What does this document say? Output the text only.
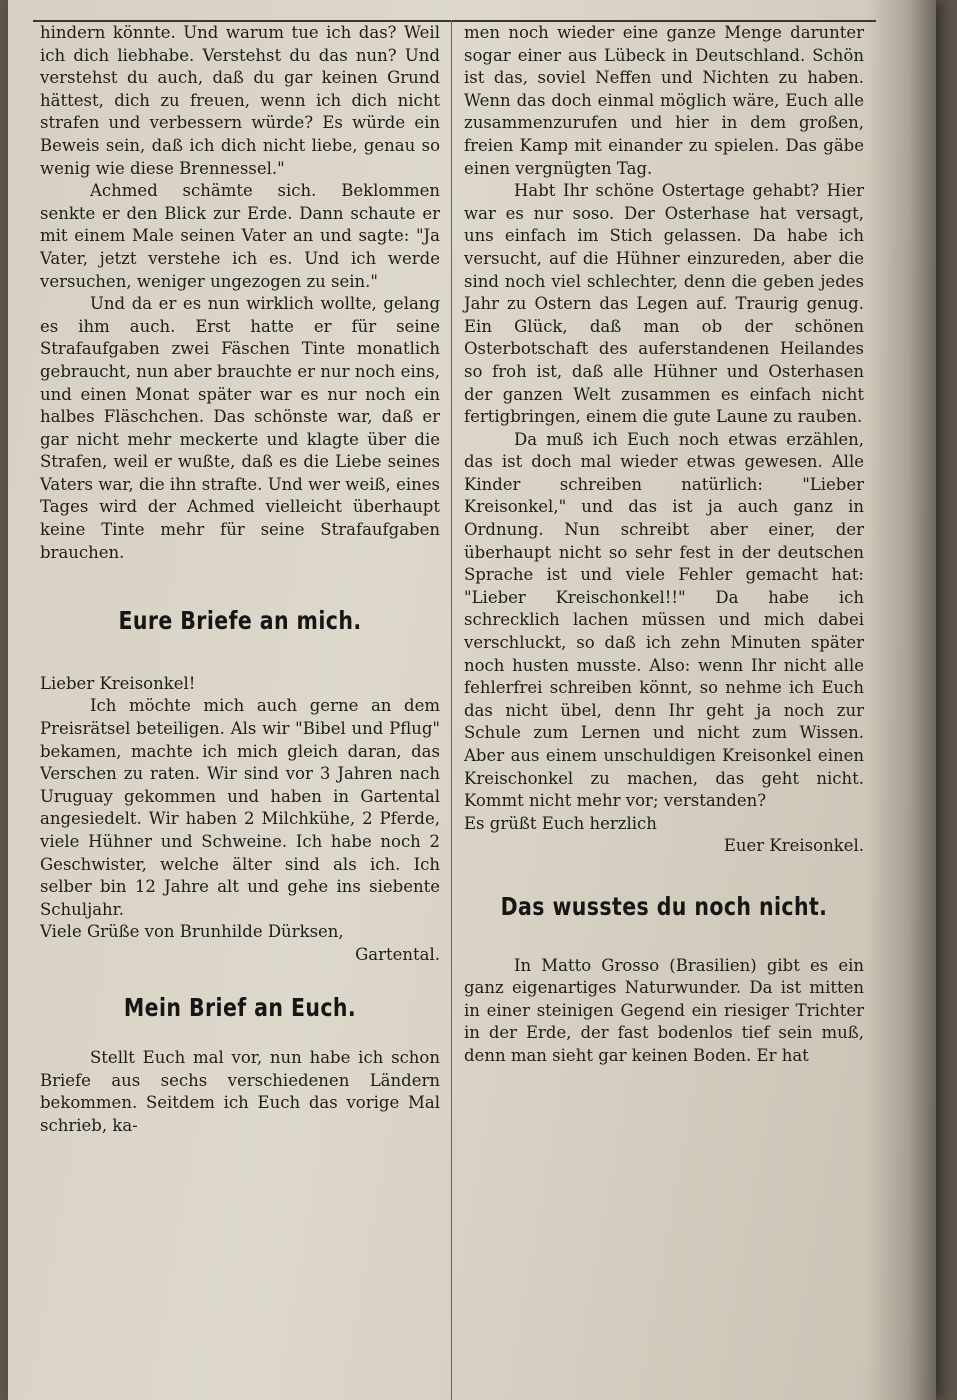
hindern könnte. Und warum tue ich das? Weil ich dich liebhabe. Verstehst du das nun? Und verstehst du auch, daß du gar keinen Grund hättest, dich zu freuen, wenn ich dich nicht strafen und verbessern würde? Es würde ein Beweis sein, daß ich dich nicht liebe, genau so wenig wie diese Brennessel."

Achmed schämte sich. Beklommen senkte er den Blick zur Erde. Dann schaute er mit einem Male seinen Vater an und sagte: "Ja Vater, jetzt verstehe ich es. Und ich werde versuchen, weniger ungezogen zu sein."

Und da er es nun wirklich wollte, gelang es ihm auch. Erst hatte er für seine Strafaufgaben zwei Fäschen Tinte monatlich gebraucht, nun aber brauchte er nur noch eins, und einen Monat später war es nur noch ein halbes Fläschchen. Das schönste war, daß er gar nicht mehr meckerte und klagte über die Strafen, weil er wußte, daß es die Liebe seines Vaters war, die ihn strafte. Und wer weiß, eines Tages wird der Achmed vielleicht überhaupt keine Tinte mehr für seine Strafaufgaben brauchen.

Eure Briefe an mich.

Lieber Kreisonkel!

Ich möchte mich auch gerne an dem Preisrätsel beteiligen. Als wir "Bibel und Pflug" bekamen, machte ich mich gleich daran, das Verschen zu raten. Wir sind vor 3 Jahren nach Uruguay gekommen und haben in Gartental angesiedelt. Wir haben 2 Milchkühe, 2 Pferde, viele Hühner und Schweine. Ich habe noch 2 Geschwister, welche älter sind als ich. Ich selber bin 12 Jahre alt und gehe ins siebente Schuljahr.

Viele Grüße von Brunhilde Dürksen,

Gartental.

Mein Brief an Euch.

Stellt Euch mal vor, nun habe ich schon Briefe aus sechs verschiedenen Ländern bekommen. Seitdem ich Euch das vorige Mal schrieb, ka-

men noch wieder eine ganze Menge darunter sogar einer aus Lübeck in Deutschland. Schön ist das, soviel Neffen und Nichten zu haben. Wenn das doch einmal möglich wäre, Euch alle zusammenzurufen und hier in dem großen, freien Kamp mit einander zu spielen. Das gäbe einen vergnügten Tag.

Habt Ihr schöne Ostertage gehabt? Hier war es nur soso. Der Osterhase hat versagt, uns einfach im Stich gelassen. Da habe ich versucht, auf die Hühner einzureden, aber die sind noch viel schlechter, denn die geben jedes Jahr zu Ostern das Legen auf. Traurig genug. Ein Glück, daß man ob der schönen Osterbotschaft des auferstandenen Heilandes so froh ist, daß alle Hühner und Osterhasen der ganzen Welt zusammen es einfach nicht fertigbringen, einem die gute Laune zu rauben.

Da muß ich Euch noch etwas erzählen, das ist doch mal wieder etwas gewesen. Alle Kinder schreiben natürlich: "Lieber Kreisonkel," und das ist ja auch ganz in Ordnung. Nun schreibt aber einer, der überhaupt nicht so sehr fest in der deutschen Sprache ist und viele Fehler gemacht hat: "Lieber Kreischonkel!!" Da habe ich schrecklich lachen müssen und mich dabei verschluckt, so daß ich zehn Minuten später noch husten musste. Also: wenn Ihr nicht alle fehlerfrei schreiben könnt, so nehme ich Euch das nicht übel, denn Ihr geht ja noch zur Schule zum Lernen und nicht zum Wissen. Aber aus einem unschuldigen Kreisonkel einen Kreischonkel zu machen, das geht nicht. Kommt nicht mehr vor; verstanden?

Es grüßt Euch herzlich

Euer Kreisonkel.

Das wusstes du noch nicht.

In Matto Grosso (Brasilien) gibt es ein ganz eigenartiges Naturwunder. Da ist mitten in einer steinigen Gegend ein riesiger Trichter in der Erde, der fast bodenlos tief sein muß, denn man sieht gar keinen Boden. Er hat
